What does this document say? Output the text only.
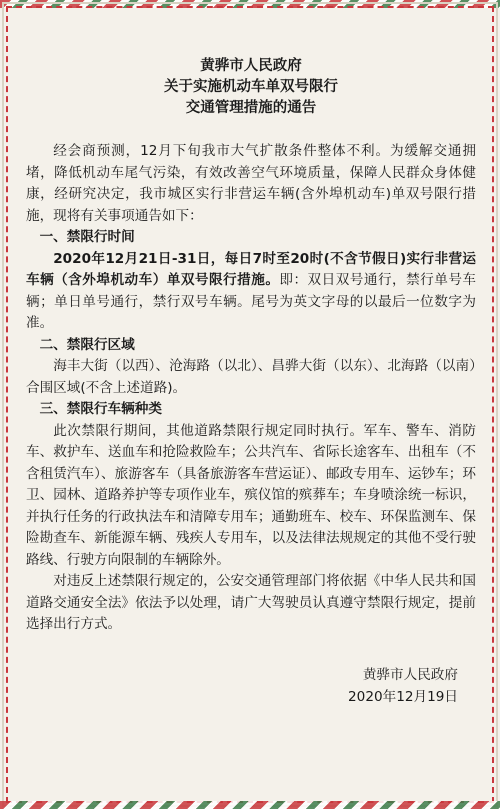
黄骅市人民政府
关于实施机动车单双号限行
交通管理措施的通告

经会商预测，12月下旬我市大气扩散条件整体不利。为缓解交通拥堵，降低机动车尾气污染，有效改善空气环境质量，保障人民群众身体健康，经研究决定，我市城区实行非营运车辆(含外埠机动车)单双号限行措施，现将有关事项通告如下：

一、禁限行时间

2020年12月21日-31日，每日7时至20时(不含节假日)实行非营运车辆（含外埠机动车）单双号限行措施。即：双日双号通行，禁行单号车辆；单日单号通行，禁行双号车辆。尾号为英文字母的以最后一位数字为准。

二、禁限行区域

海丰大街（以西）、沧海路（以北）、昌骅大街（以东）、北海路（以南）合围区域(不含上述道路)。

三、禁限行车辆种类

此次禁限行期间，其他道路禁限行规定同时执行。军车、警车、消防车、救护车、送血车和抢险救险车；公共汽车、省际长途客车、出租车（不含租赁汽车）、旅游客车（具备旅游客车营运证）、邮政专用车、运钞车；环卫、园林、道路养护等专项作业车，殡仪馆的殡葬车；车身喷涂统一标识，并执行任务的行政执法车和清障专用车；通勤班车、校车、环保监测车、保险勘查车、新能源车辆、残疾人专用车，以及法律法规规定的其他不受行驶路线、行驶方向限制的车辆除外。

对违反上述禁限行规定的，公安交通管理部门将依据《中华人民共和国道路交通安全法》依法予以处理，请广大驾驶员认真遵守禁限行规定，提前选择出行方式。

黄骅市人民政府
2020年12月19日
